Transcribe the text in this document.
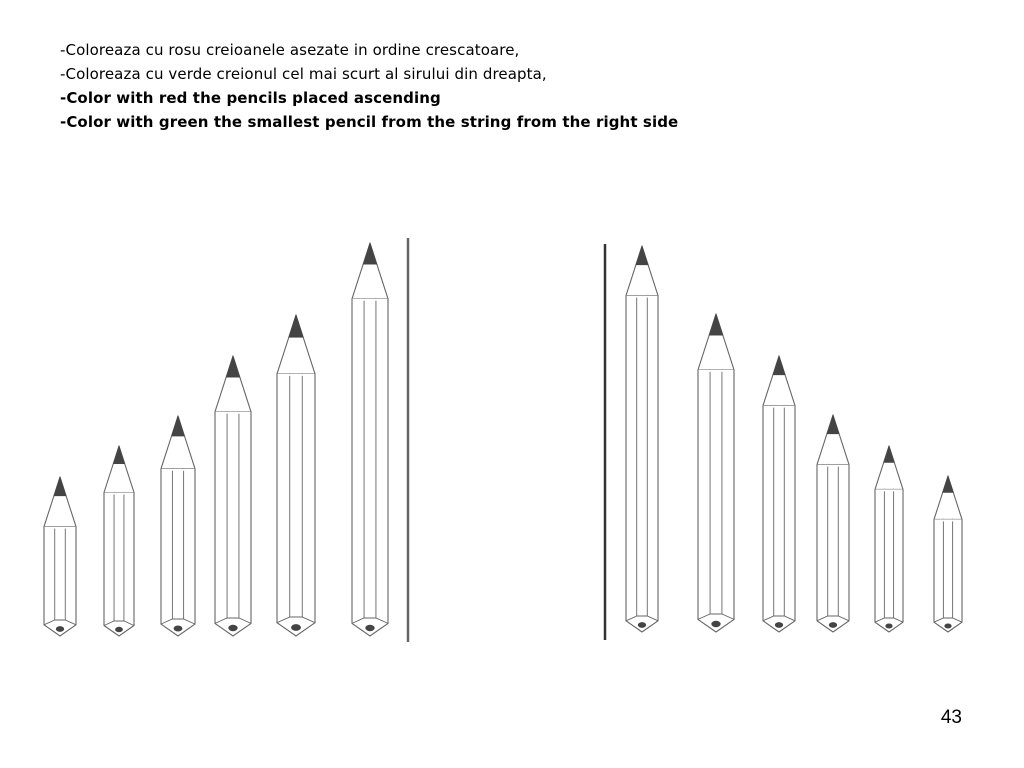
-Coloreaza cu rosu creioanele asezate in ordine crescatoare,
-Coloreaza cu verde creionul cel mai scurt al sirului din dreapta,
-Color with red the pencils placed ascending
-Color with green the smallest pencil from the string from the right side
43
